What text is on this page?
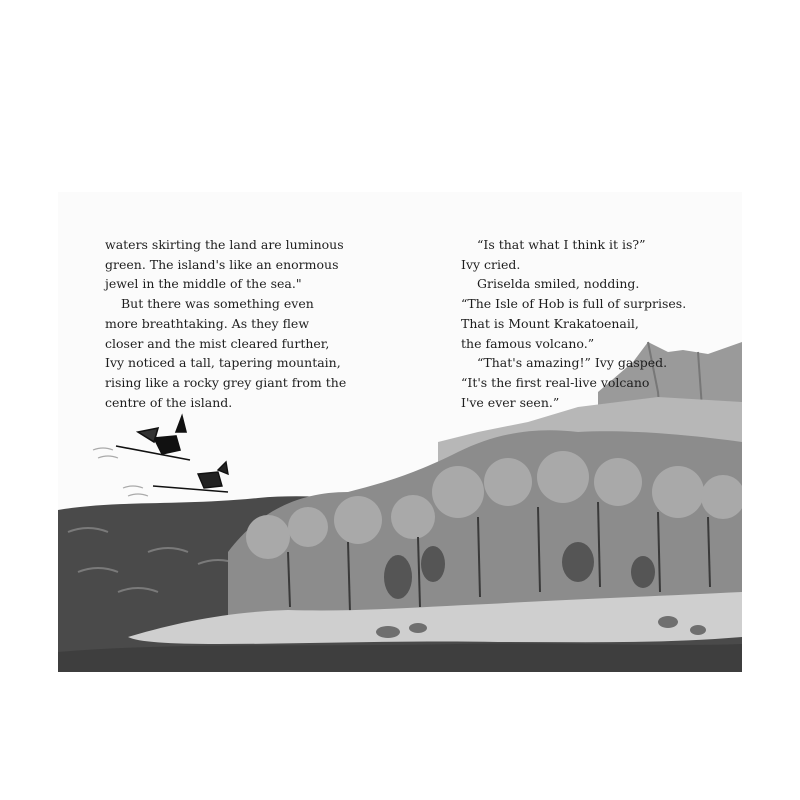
waters skirting the land are luminous
green. The island's like an enormous
jewel in the middle of the sea."
But there was something even
more breathtaking. As they flew
closer and the mist cleared further,
Ivy noticed a tall, tapering mountain,
rising like a rocky grey giant from the
centre of the island.
“Is that what I think it is?”
Ivy cried.
Griselda smiled, nodding.
“The Isle of Hob is full of surprises.
That is Mount Krakatoenail,
the famous volcano.”
“That's amazing!” Ivy gasped.
“It's the first real-live volcano
I've ever seen.”
